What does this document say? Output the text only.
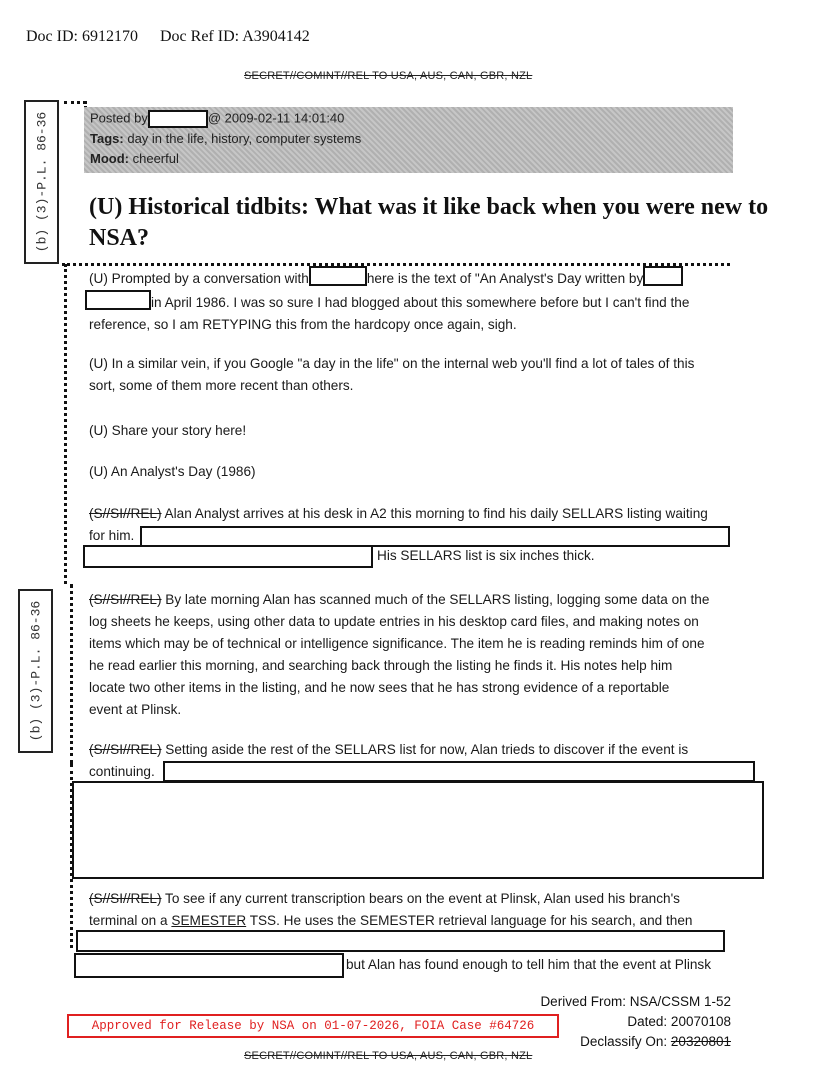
Doc ID: 6912170 Doc Ref ID: A3904142
SECRET//COMINT//REL TO USA, AUS, CAN, GBR, NZL
(b) (3)-P.L. 86-36
(b) (3)-P.L. 86-36
Posted by	@ 2009-02-11 14:01:40
Tags: day in the life, history, computer systems
Mood: cheerful
(U) Historical tidbits: What was it like back when you were new to NSA?
(U) Prompted by a conversation with	here is the text of "An Analyst's Day written by
in April 1986. I was so sure I had blogged about this somewhere before but I can't find the
reference, so I am RETYPING this from the hardcopy once again, sigh.
(U) In a similar vein, if you Google "a day in the life" on the internal web you'll find a lot of tales of this
sort, some of them more recent than others.
(U) Share your story here!
(U) An Analyst's Day (1986)
(S//SI//REL) Alan Analyst arrives at his desk in A2 this morning to find his daily SELLARS listing waiting
for him.
His SELLARS list is six inches thick.
(S//SI//REL) By late morning Alan has scanned much of the SELLARS listing, logging some data on the
log sheets he keeps, using other data to update entries in his desktop card files, and making notes on
items which may be of technical or intelligence significance. The item he is reading reminds him of one
he read earlier this morning, and searching back through the listing he finds it. His notes help him
locate two other items in the listing, and he now sees that he has strong evidence of a reportable
event at Plinsk.
(S//SI//REL) Setting aside the rest of the SELLARS list for now, Alan trieds to discover if the event is
continuing.
(S//SI//REL) To see if any current transcription bears on the event at Plinsk, Alan used his branch's
terminal on a SEMESTER TSS. He uses the SEMESTER retrieval language for his search, and then
but Alan has found enough to tell him that the event at Plinsk
Derived From: NSA/CSSM 1-52
Dated: 20070108
Declassify On: 20320801
Approved for Release by NSA on 01-07-2026, FOIA Case #64726
SECRET//COMINT//REL TO USA, AUS, CAN, GBR, NZL
